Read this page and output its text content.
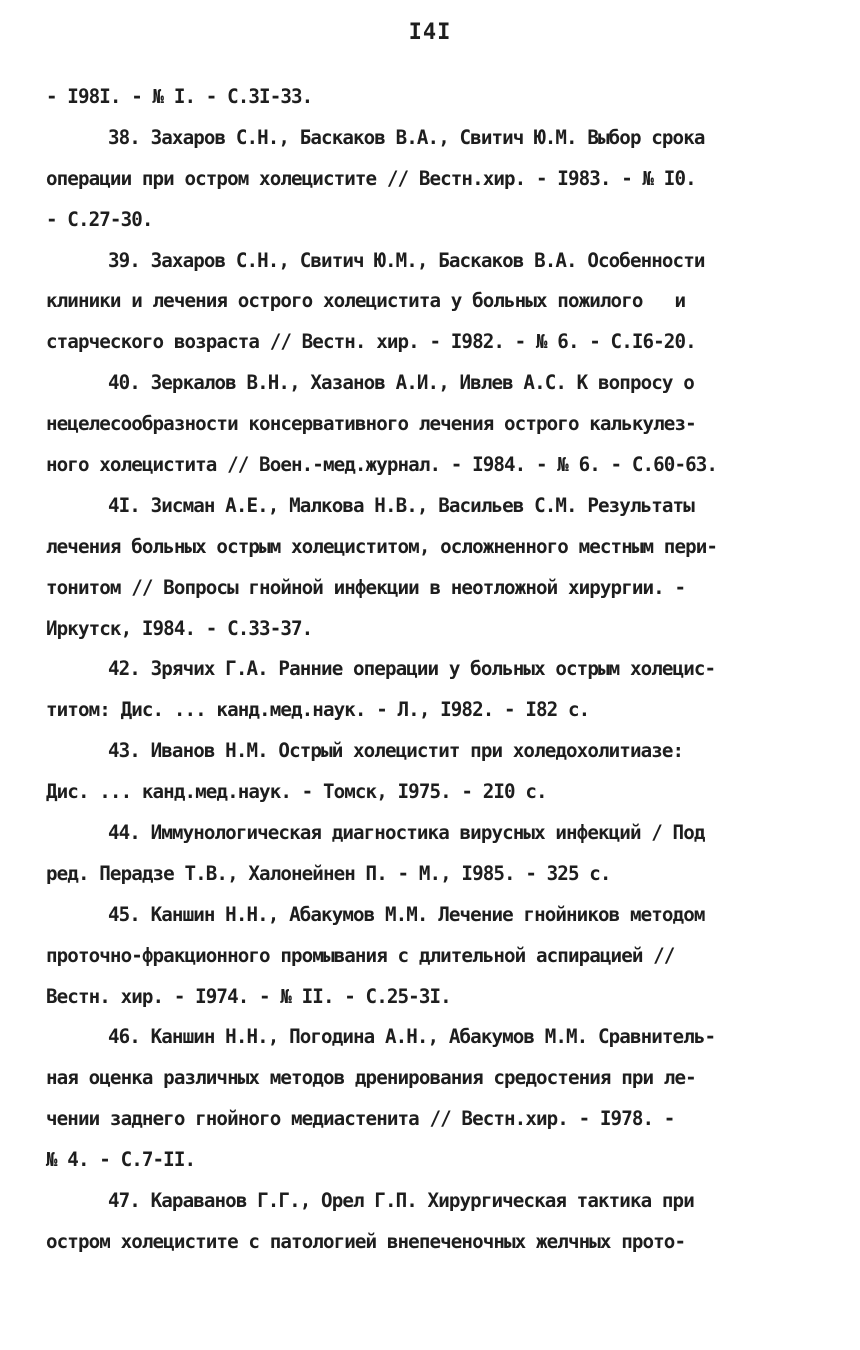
I4I
- I98I. - № I. - С.3I-33.
38. Захаров С.Н., Баскаков В.А., Свитич Ю.М. Выбор срока
операции при остром холецистите // Вестн.хир. - I983. - № I0.
- С.27-30.
39. Захаров С.Н., Свитич Ю.М., Баскаков В.А. Особенности
клиники и лечения острого холецистита у больных пожилого   и
старческого возраста // Вестн. хир. - I982. - № 6. - С.I6-20.
40. Зеркалов В.Н., Хазанов А.И., Ивлев А.С. К вопросу о
нецелесообразности консервативного лечения острого калькулез-
ного холецистита // Воен.-мед.журнал. - I984. - № 6. - С.60-63.
4I. Зисман А.Е., Малкова Н.В., Васильев С.М. Результаты
лечения больных острым холециститом, осложненного местным пери-
тонитом // Вопросы гнойной инфекции в неотложной хирургии. -
Иркутск, I984. - С.33-37.
42. Зрячих Г.А. Ранние операции у больных острым холецис-
титом: Дис. ... канд.мед.наук. - Л., I982. - I82 с.
43. Иванов Н.М. Острый холецистит при холедохолитиазе:
Дис. ... канд.мед.наук. - Томск, I975. - 2I0 с.
44. Иммунологическая диагностика вирусных инфекций / Под
ред. Перадзе Т.В., Халонейнен П. - М., I985. - 325 с.
45. Каншин Н.Н., Абакумов М.М. Лечение гнойников методом
проточно-фракционного промывания с длительной аспирацией //
Вестн. хир. - I974. - № II. - С.25-3I.
46. Каншин Н.Н., Погодина А.Н., Абакумов М.М. Сравнитель-
ная оценка различных методов дренирования средостения при ле-
чении заднего гнойного медиастенита // Вестн.хир. - I978. -
№ 4. - С.7-II.
47. Караванов Г.Г., Орел Г.П. Хирургическая тактика при
остром холецистите с патологией внепеченочных желчных прото-
